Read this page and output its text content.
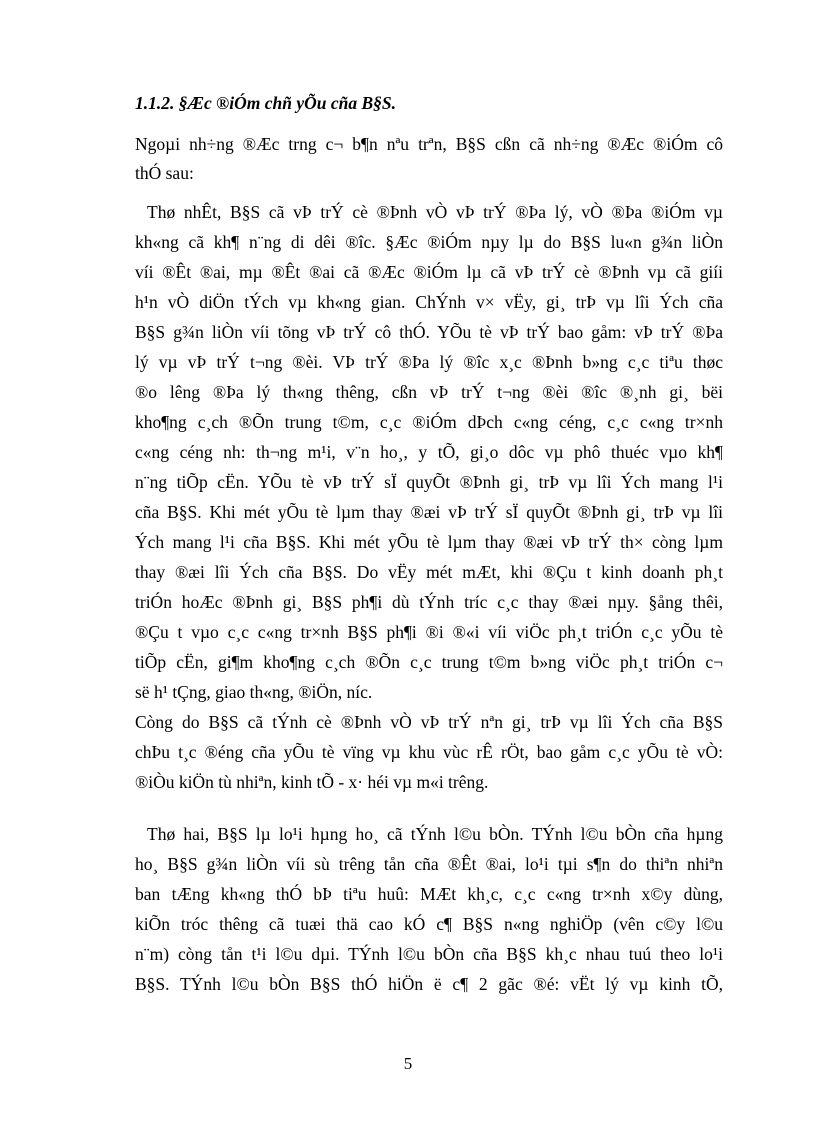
1.1.2. §Æc ®iÓm chñ yÕu cña B§S.
Ngoµi nh÷ng ®Æc trng c¬ b¶n nªu trªn, B§S cßn cã nh÷ng ®Æc ®iÓm cô
thÓ sau:
Thø nhÊt, B§S cã vÞ trÝ cè ®Þnh vÒ vÞ trÝ ®Þa lý, vÒ ®Þa ®iÓm vµ
kh«ng cã kh¶ n¨ng di dêi ®îc. §Æc ®iÓm nµy lµ do B§S lu«n g¾n liÒn
víi ®Êt ®ai, mµ ®Êt ®ai cã ®Æc ®iÓm lµ cã vÞ trÝ cè ®Þnh vµ cã giíi
h¹n vÒ diÖn tÝch vµ kh«ng gian. ChÝnh v× vËy, gi¸ trÞ vµ lîi Ých cña
B§S g¾n liÒn víi tõng vÞ trÝ cô thÓ. YÕu tè vÞ trÝ bao gåm: vÞ trÝ ®Þa
lý vµ vÞ trÝ t¬ng ®èi. VÞ trÝ ®Þa lý ®îc x¸c ®Þnh b»ng c¸c tiªu thøc
®o lêng ®Þa lý th«ng thêng, cßn vÞ trÝ t¬ng ®èi ®îc ®¸nh gi¸ bëi
kho¶ng c¸ch ®Õn trung t©m, c¸c ®iÓm dÞch c«ng céng, c¸c c«ng tr×nh
c«ng céng nh: th¬ng m¹i, v¨n ho¸, y tÕ, gi¸o dôc vµ phô thuéc vµo kh¶
n¨ng tiÕp cËn. YÕu tè vÞ trÝ sÏ quyÕt ®Þnh gi¸ trÞ vµ lîi Ých mang l¹i
cña B§S. Khi mét yÕu tè lµm thay ®æi vÞ trÝ sÏ quyÕt ®Þnh gi¸ trÞ vµ lîi
Ých mang l¹i cña B§S. Khi mét yÕu tè lµm thay ®æi vÞ trÝ th× còng lµm
thay ®æi lîi Ých cña B§S. Do vËy mét mÆt, khi ®Çu t kinh doanh ph¸t
triÓn hoÆc ®Þnh gi¸ B§S ph¶i dù tÝnh tríc c¸c thay ®æi nµy. §ång thêi,
®Çu t vµo c¸c c«ng tr×nh B§S ph¶i ®i ®«i víi viÖc ph¸t triÓn c¸c yÕu tè
tiÕp cËn, gi¶m kho¶ng c¸ch ®Õn c¸c trung t©m b»ng viÖc ph¸t triÓn c¬
së h¹ tÇng, giao th«ng, ®iÖn, níc.
Còng do B§S cã tÝnh cè ®Þnh vÒ vÞ trÝ nªn gi¸ trÞ vµ lîi Ých cña B§S
chÞu t¸c ®éng cña yÕu tè vïng vµ khu vùc rÊ rÖt, bao gåm c¸c yÕu tè vÒ:
®iÒu kiÖn tù nhiªn, kinh tÕ - x· héi vµ m«i trêng.
Thø hai, B§S lµ lo¹i hµng ho¸ cã tÝnh l©u bÒn. TÝnh l©u bÒn cña hµng
ho¸ B§S g¾n liÒn víi sù trêng tån cña ®Êt ®ai, lo¹i tµi s¶n do thiªn nhiªn
ban tÆng kh«ng thÓ bÞ tiªu huû: MÆt kh¸c, c¸c c«ng tr×nh x©y dùng,
kiÕn tróc thêng cã tuæi thä cao kÓ c¶ B§S n«ng nghiÖp (vên c©y l©u
n¨m) còng tån t¹i l©u dµi. TÝnh l©u bÒn cña B§S kh¸c nhau tuú theo lo¹i
B§S. TÝnh l©u bÒn B§S thÓ hiÖn ë c¶ 2 gãc ®é: vËt lý vµ kinh tÕ,
5
